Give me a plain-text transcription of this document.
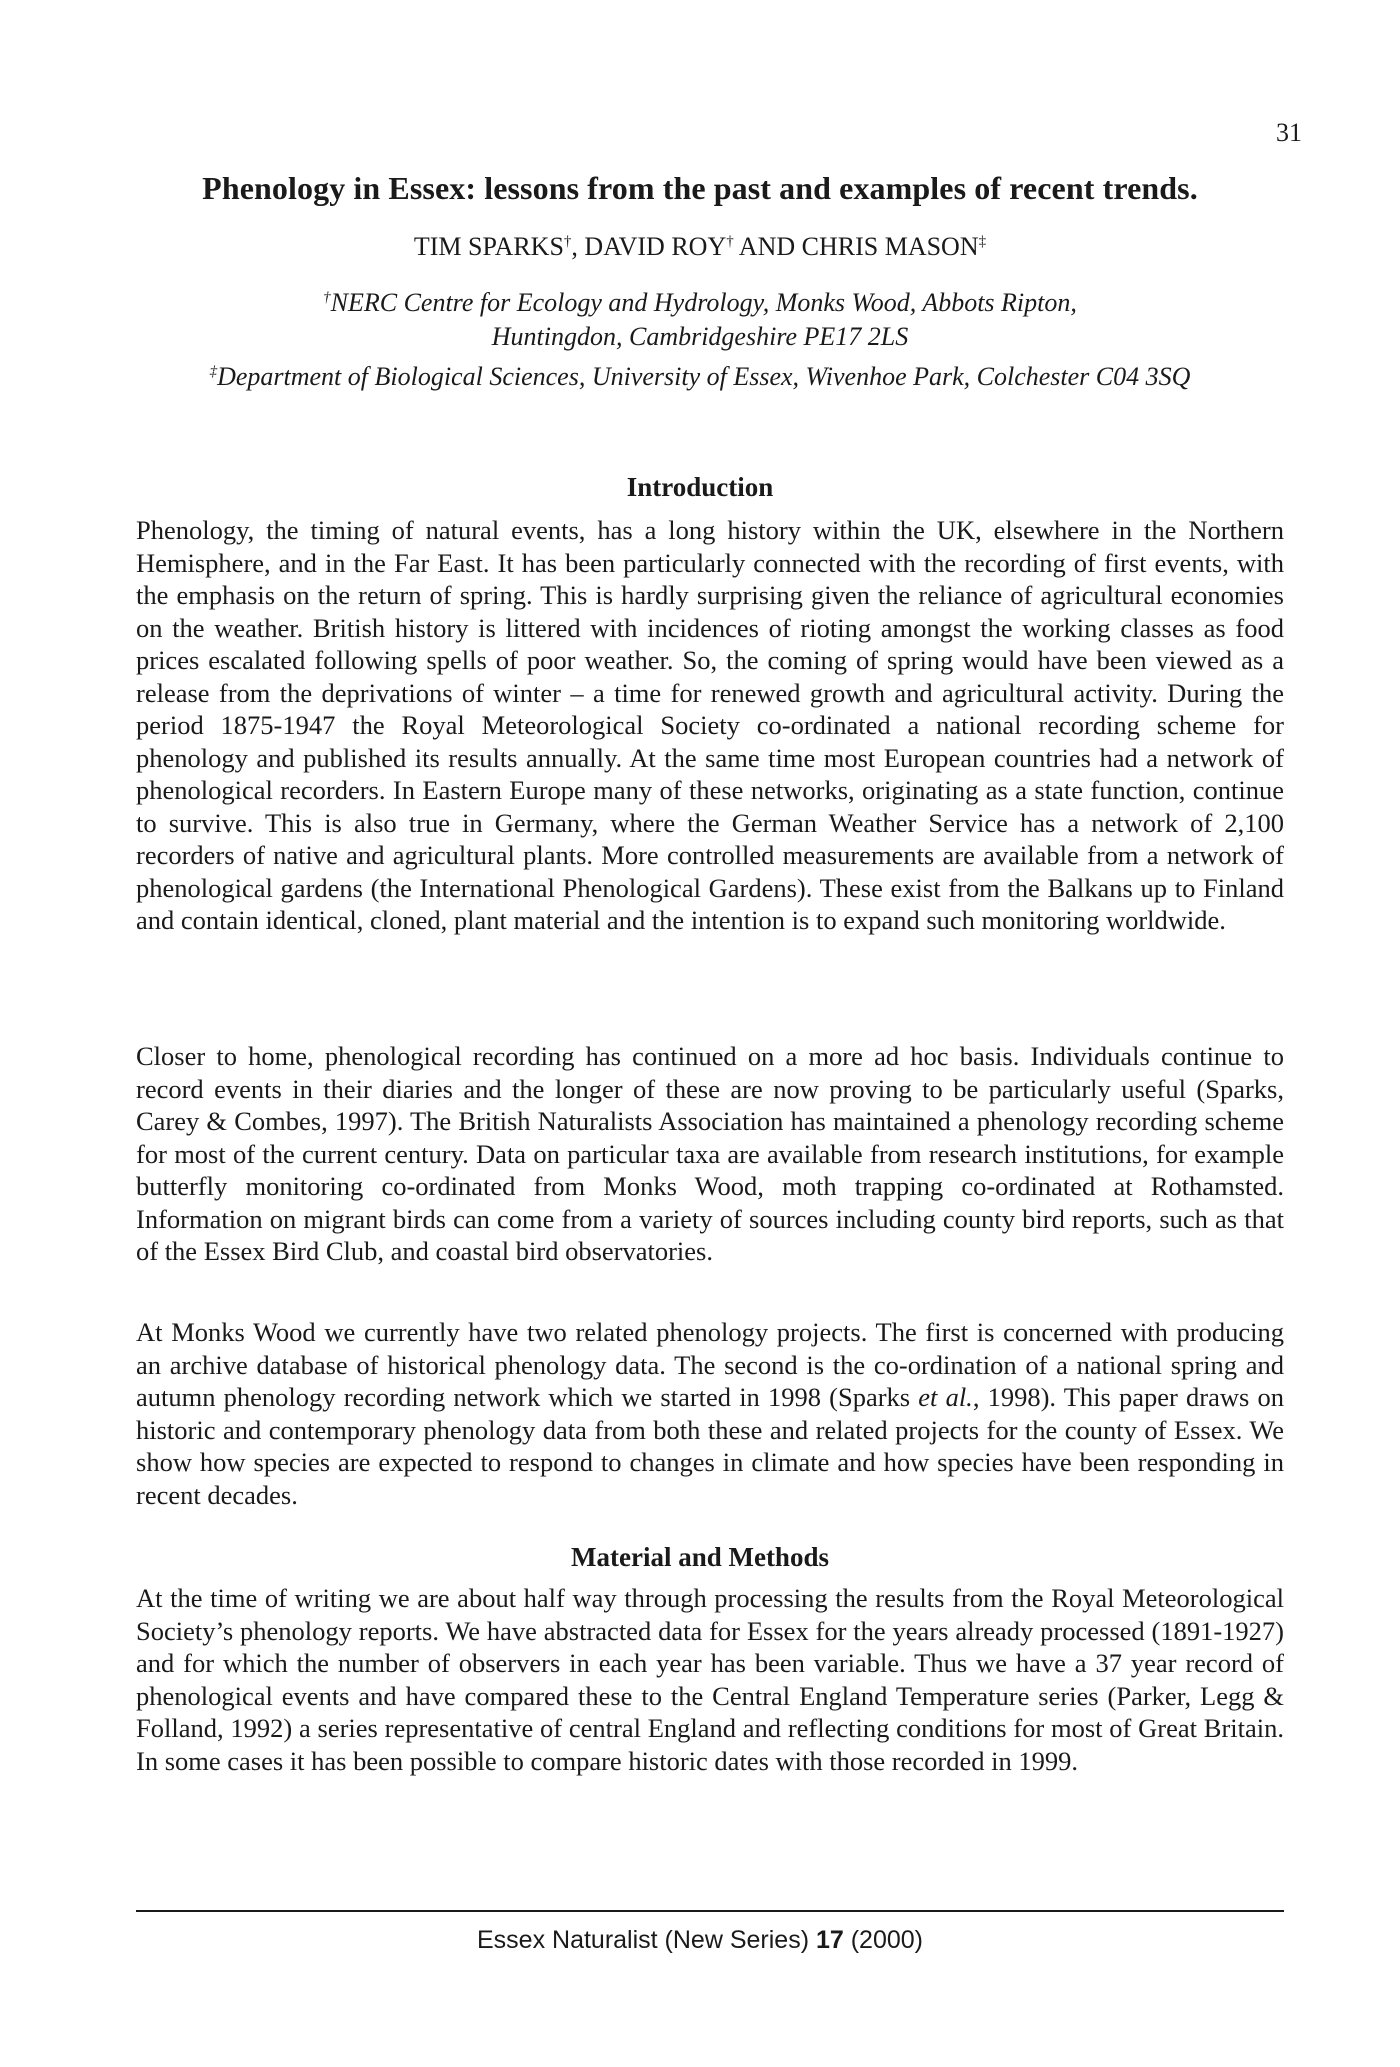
31
Phenology in Essex: lessons from the past and examples of recent trends.
TIM SPARKS†, DAVID ROY† AND CHRIS MASON‡
†NERC Centre for Ecology and Hydrology, Monks Wood, Abbots Ripton,
Huntingdon, Cambridgeshire PE17 2LS
‡Department of Biological Sciences, University of Essex, Wivenhoe Park, Colchester C04 3SQ
Introduction

Phenology, the timing of natural events, has a long history within the UK, elsewhere in the Northern Hemisphere, and in the Far East. It has been particularly connected with the recording of first events, with the emphasis on the return of spring. This is hardly surprising given the reliance of agricultural economies on the weather. British history is littered with incidences of rioting amongst the working classes as food prices escalated following spells of poor weather. So, the coming of spring would have been viewed as a release from the deprivations of winter – a time for renewed growth and agricultural activity. During the period 1875-1947 the Royal Meteorological Society co-ordinated a national recording scheme for phenology and published its results annually. At the same time most European countries had a network of phenological recorders. In Eastern Europe many of these networks, originating as a state function, continue to survive. This is also true in Germany, where the German Weather Service has a network of 2,100 recorders of native and agricultural plants. More controlled measurements are available from a network of phenological gardens (the International Phenological Gardens). These exist from the Balkans up to Finland and contain identical, cloned, plant material and the intention is to expand such monitoring worldwide.

Closer to home, phenological recording has continued on a more ad hoc basis. Individuals continue to record events in their diaries and the longer of these are now proving to be particularly useful (Sparks, Carey & Combes, 1997). The British Naturalists Association has maintained a phenology recording scheme for most of the current century. Data on particular taxa are available from research institutions, for example butterfly monitoring co-ordinated from Monks Wood, moth trapping co-ordinated at Rothamsted. Information on migrant birds can come from a variety of sources including county bird reports, such as that of the Essex Bird Club, and coastal bird observatories.

At Monks Wood we currently have two related phenology projects. The first is concerned with producing an archive database of historical phenology data. The second is the co-ordination of a national spring and autumn phenology recording network which we started in 1998 (Sparks et al., 1998). This paper draws on historic and contemporary phenology data from both these and related projects for the county of Essex. We show how species are expected to respond to changes in climate and how species have been responding in recent decades.

Material and Methods

At the time of writing we are about half way through processing the results from the Royal Meteorological Society’s phenology reports. We have abstracted data for Essex for the years already processed (1891-1927) and for which the number of observers in each year has been variable. Thus we have a 37 year record of phenological events and have compared these to the Central England Temperature series (Parker, Legg & Folland, 1992) a series representative of central England and reflecting conditions for most of Great Britain. In some cases it has been possible to compare historic dates with those recorded in 1999.

Essex Naturalist (New Series) 17 (2000)
